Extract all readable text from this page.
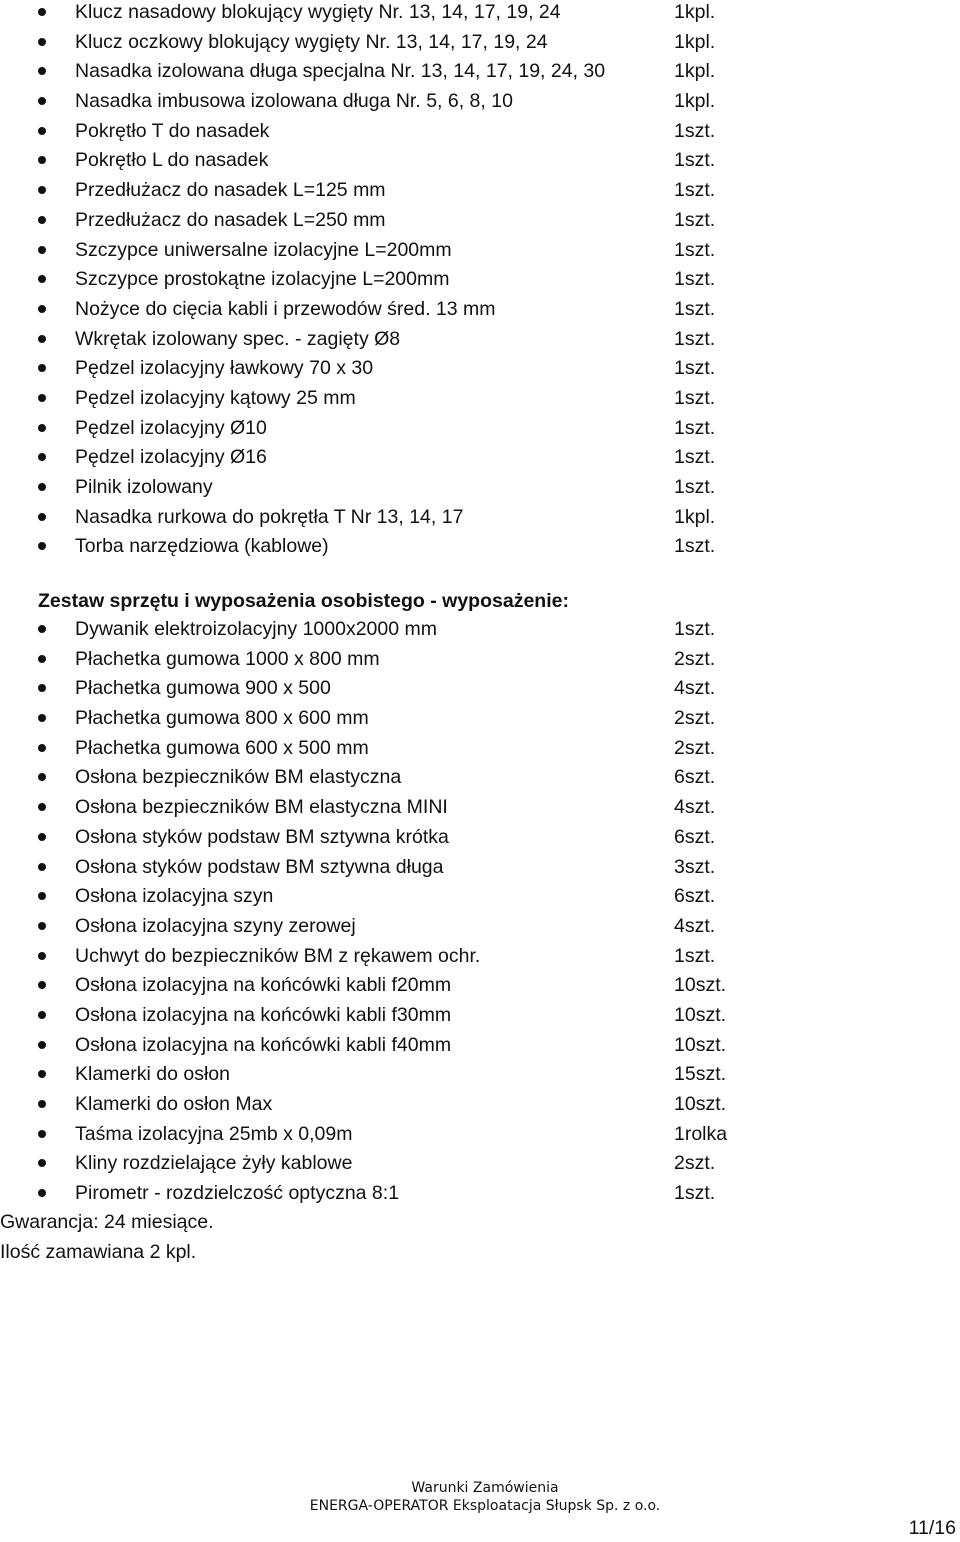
Klucz nasadowy blokujący wygięty Nr. 13, 14, 17, 19, 24	1kpl.
Klucz oczkowy blokujący wygięty Nr. 13, 14, 17, 19, 24	1kpl.
Nasadka izolowana długa specjalna Nr. 13, 14, 17, 19, 24, 30	1kpl.
Nasadka imbusowa izolowana długa Nr. 5, 6, 8, 10	1kpl.
Pokrętło T do nasadek	1szt.
Pokrętło L do nasadek	1szt.
Przedłużacz do nasadek L=125 mm	1szt.
Przedłużacz do nasadek L=250 mm	1szt.
Szczypce uniwersalne izolacyjne L=200mm	1szt.
Szczypce prostokątne izolacyjne L=200mm	1szt.
Nożyce do cięcia kabli i przewodów śred. 13 mm	1szt.
Wkrętak izolowany spec. - zagięty Ø8	1szt.
Pędzel izolacyjny ławkowy 70 x 30	1szt.
Pędzel izolacyjny kątowy 25 mm	1szt.
Pędzel izolacyjny Ø10	1szt.
Pędzel izolacyjny Ø16	1szt.
Pilnik izolowany	1szt.
Nasadka rurkowa do pokrętła T Nr 13, 14, 17	1kpl.
Torba narzędziowa (kablowe)	1szt.
Zestaw sprzętu i wyposażenia osobistego - wyposażenie:
Dywanik elektroizolacyjny 1000x2000 mm	1szt.
Płachetka gumowa 1000 x 800 mm	2szt.
Płachetka gumowa 900 x 500	4szt.
Płachetka gumowa 800 x 600 mm	2szt.
Płachetka gumowa 600 x 500 mm	2szt.
Osłona bezpieczników BM elastyczna	6szt.
Osłona bezpieczników BM elastyczna MINI	4szt.
Osłona styków podstaw BM sztywna krótka	6szt.
Osłona styków podstaw BM sztywna długa	3szt.
Osłona izolacyjna szyn	6szt.
Osłona izolacyjna szyny zerowej	4szt.
Uchwyt do bezpieczników BM z rękawem ochr.	1szt.
Osłona izolacyjna na końcówki kabli f20mm	10szt.
Osłona izolacyjna na końcówki kabli f30mm	10szt.
Osłona izolacyjna na końcówki kabli f40mm	10szt.
Klamerki do osłon	15szt.
Klamerki do osłon Max	10szt.
Taśma izolacyjna 25mb x 0,09m	1rolka
Kliny rozdzielające żyły kablowe	2szt.
Pirometr - rozdzielczość optyczna 8:1	1szt.
Gwarancja: 24 miesiące.
Ilość zamawiana 2 kpl.
Warunki Zamówienia
ENERGA-OPERATOR Eksploatacja Słupsk Sp. z o.o.
11/16
